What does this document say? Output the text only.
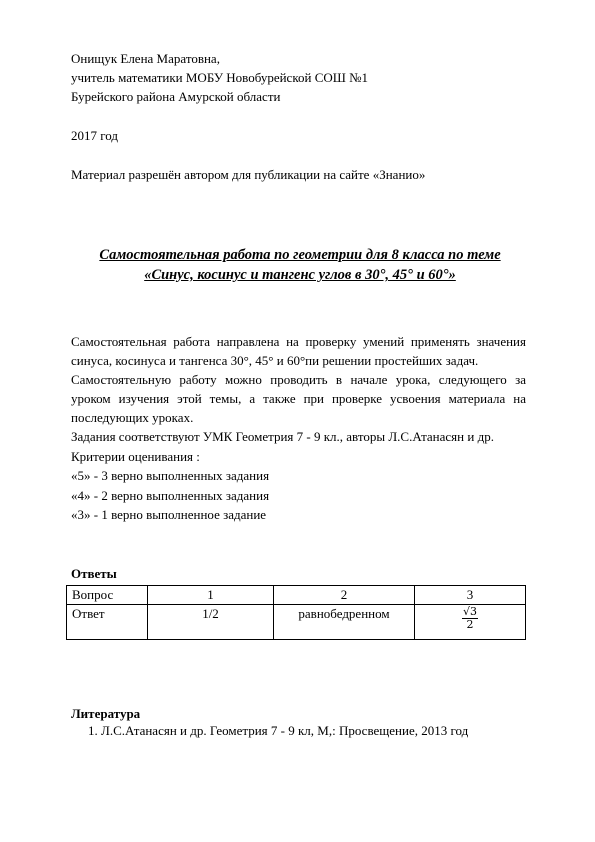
Онищук Елена Маратовна,
учитель математики МОБУ Новобурейской СОШ №1
Бурейского района Амурской области
2017 год
Материал разрешён автором для публикации на сайте «Знанио»
Самостоятельная работа по геометрии для 8 класса по теме
«Синус, косинус и тангенс углов в 30°, 45° и 60°»

Самостоятельная работа направлена на проверку умений применять значения синуса, косинуса и тангенса 30°, 45° и 60°пи решении простейших задач.

Самостоятельную работу можно проводить в начале урока, следующего за уроком изучения этой темы, а также при проверке усвоения материала на последующих уроках.

Задания соответствуют УМК Геометрия 7 - 9 кл., авторы Л.С.Атанасян и др.
Критерии оценивания :
«5» - 3 верно выполненных задания
«4» - 2 верно выполненных задания
«3» - 1 верно выполненное задание
Ответы
Вопрос	1	2	3
Ответ	1/2	равнобедренном	$\frac{√3}{2}$
Литература
1. Л.С.Атанасян и др. Геометрия 7 - 9 кл, М,: Просвещение, 2013 год
